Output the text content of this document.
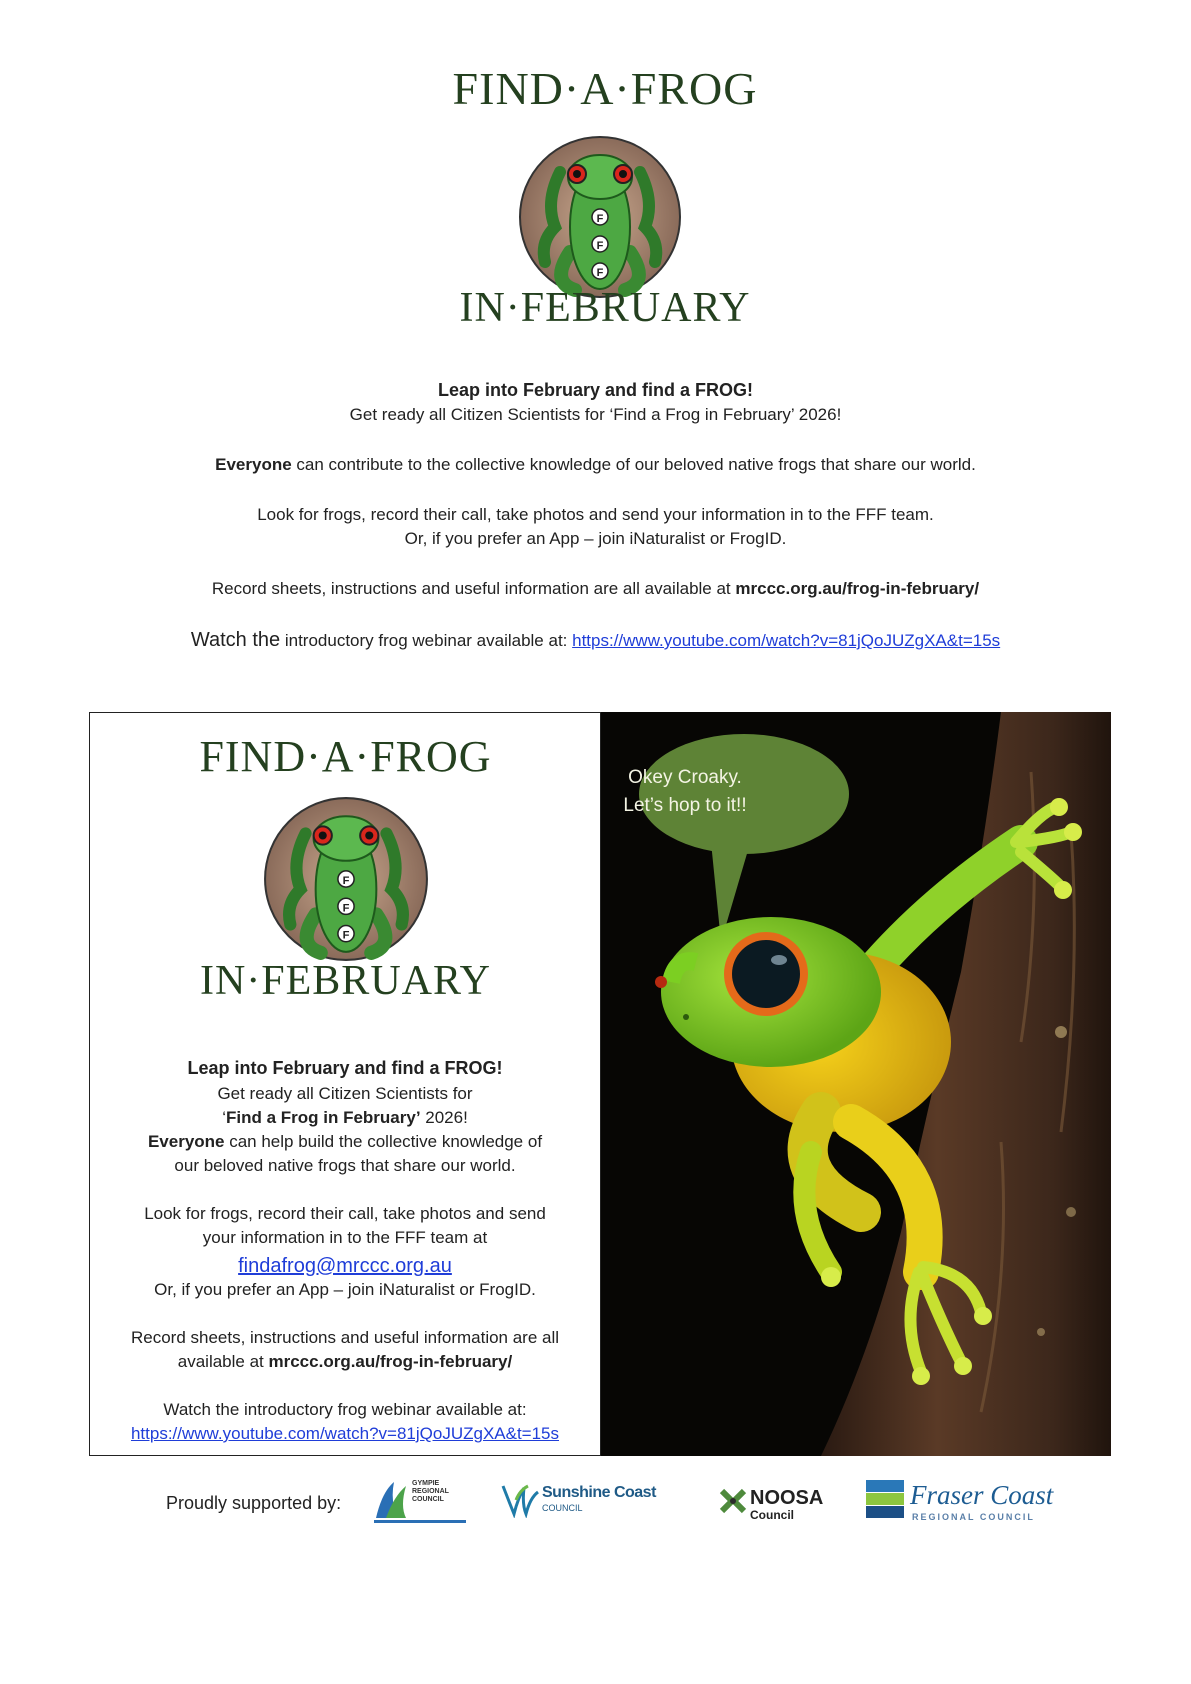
FIND·A·FROG
F
F
F
IN·FEBRUARY

Leap into February and find a FROG!

Get ready all Citizen Scientists for ‘Find a Frog in February’ 2026!

Everyone can contribute to the collective knowledge of our beloved native frogs that share our world.

Look for frogs, record their call, take photos and send your information in to the FFF team.

Or, if you prefer an App – join iNaturalist or FrogID.

Record sheets, instructions and useful information are all available at mrccc.org.au/frog-in-february/

Watch the introductory frog webinar available at: https://www.youtube.com/watch?v=81jQoJUZgXA&t=15s

FIND·A·FROG
F
F
F
IN·FEBRUARY

Leap into February and find a FROG!

Get ready all Citizen Scientists for

‘Find a Frog in February’ 2026!

Everyone can help build the collective knowledge of

our beloved native frogs that share our world.

Look for frogs, record their call, take photos and send

your information in to the FFF team at

findafrog@mrccc.org.au

Or, if you prefer an App – join iNaturalist or FrogID.

Record sheets, instructions and useful information are all

available at mrccc.org.au/frog-in-february/

Watch the introductory frog webinar available at:

https://www.youtube.com/watch?v=81jQoJUZgXA&t=15s

Okey Croaky.
Let’s hop to it!!
Proudly supported by:
GYMPIE
REGIONAL
COUNCIL	Sunshine Coast
COUNCIL	NOOSA
Council
Fraser Coast
REGIONAL COUNCIL
